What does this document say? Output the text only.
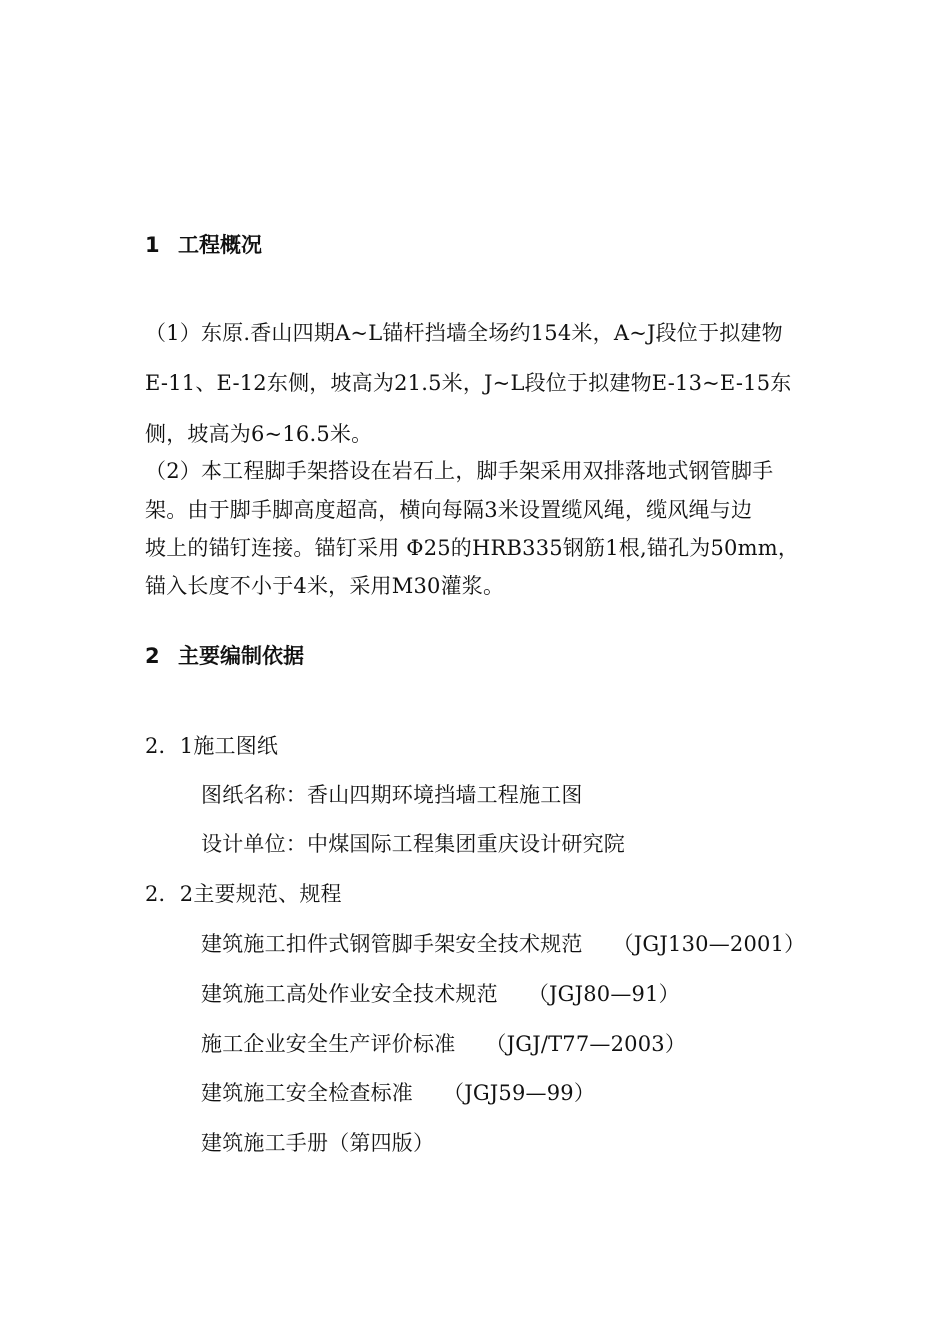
1 工程概况
（1）东原.香山四期A~L锚杆挡墙全场约154米，A~J段位于拟建物
E-11、E-12东侧，坡高为21.5米，J~L段位于拟建物E-13~E-15东
侧，坡高为6~16.5米。
（2）本工程脚手架搭设在岩石上，脚手架采用双排落地式钢管脚手
架。由于脚手脚高度超高，横向每隔3米设置缆风绳，缆风绳与边
坡上的锚钉连接。锚钉采用 Φ25的HRB335钢筋1根,锚孔为50mm，
锚入长度不小于4米，采用M30灌浆。
2 主要编制依据
2．1施工图纸
图纸名称：香山四期环境挡墙工程施工图
设计单位：中煤国际工程集团重庆设计研究院
2．2主要规范、规程
建筑施工扣件式钢管脚手架安全技术规范 （JGJ130—2001）
建筑施工高处作业安全技术规范 （JGJ80—91）
施工企业安全生产评价标准 （JGJ/T77—2003）
建筑施工安全检查标准 （JGJ59—99）
建筑施工手册（第四版）
